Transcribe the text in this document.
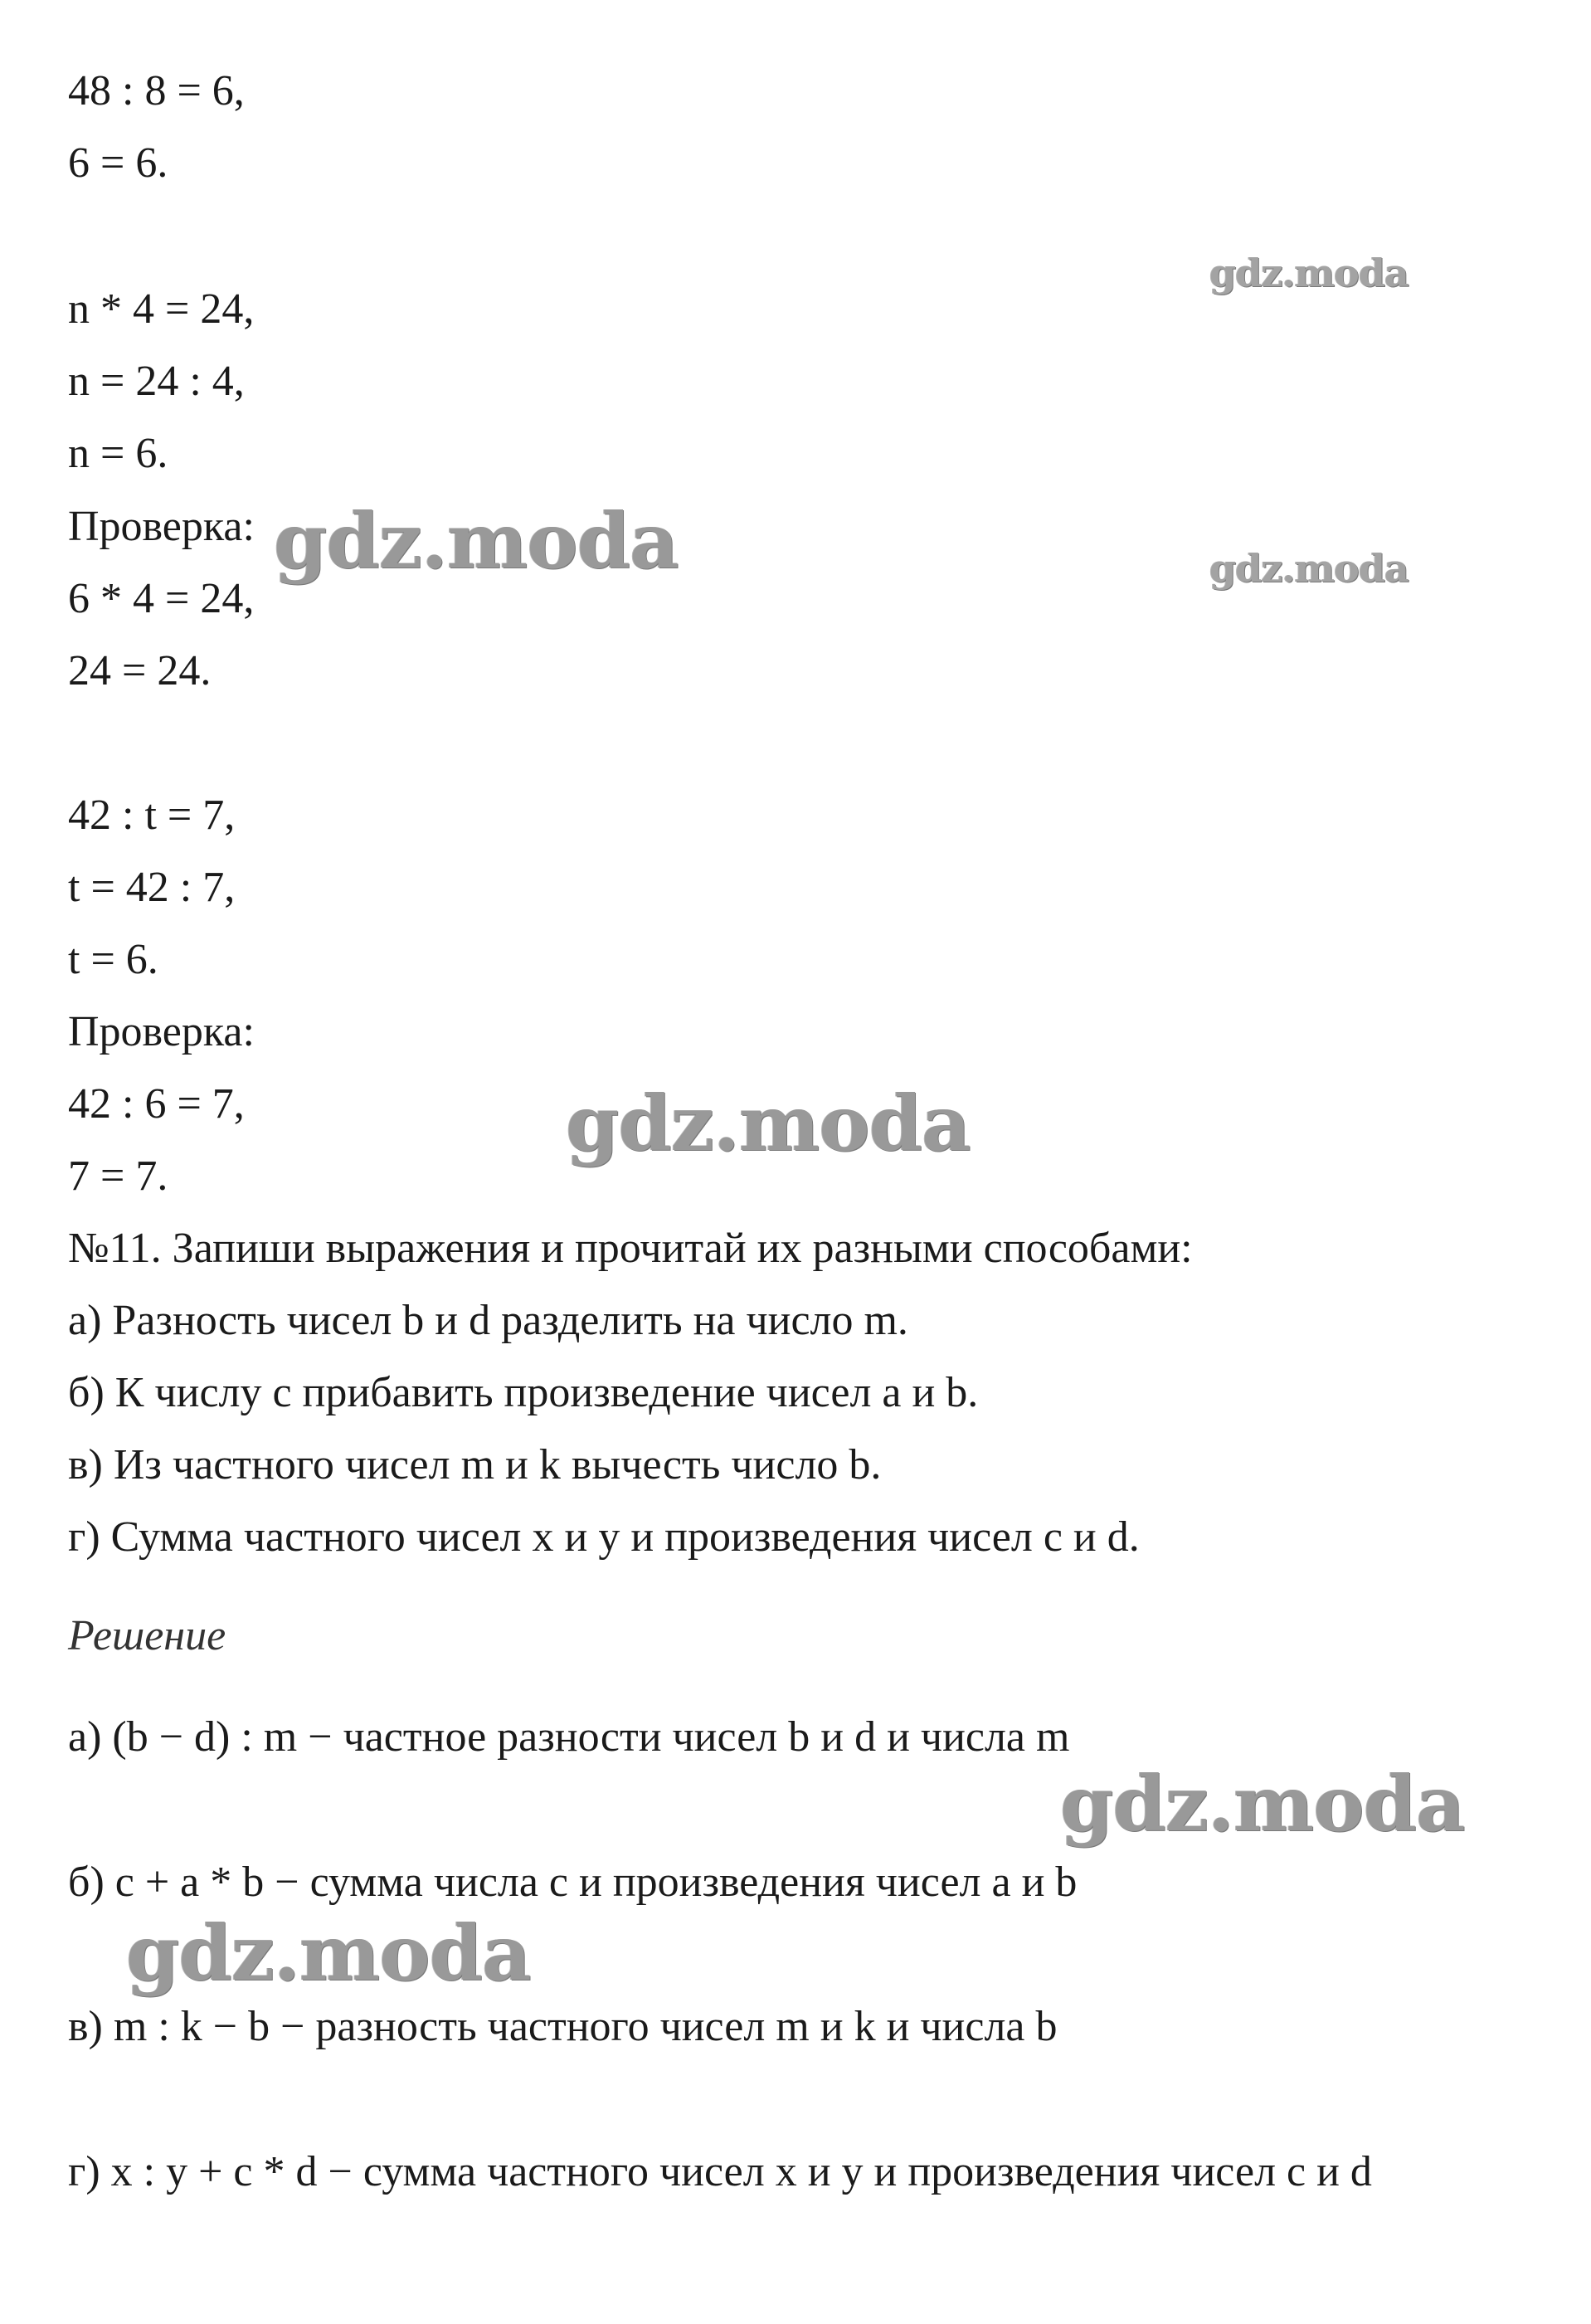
48 : 8 = 6,
6 = 6.
n * 4 = 24,
n = 24 : 4,
n = 6.
Проверка:
6 * 4 = 24,
24 = 24.
42 : t = 7,
t = 42 : 7,
t = 6.
Проверка:
42 : 6 = 7,
7 = 7.
№11. Запиши выражения и прочитай их разными способами:
а) Разность чисел b и d разделить на число m.
б) К числу с прибавить произведение чисел a и b.
в) Из частного чисел m и k вычесть число b.
г) Сумма частного чисел x и y и произведения чисел c и d.
Решение
а) (b − d) : m − частное разности чисел b и d и числа m
б) c + a * b − сумма числа с и произведения чисел a и b
в) m : k − b − разность частного чисел m и k и числа b
г) x : y + c * d − сумма частного чисел x и y и произведения чисел c и d
gdz.moda
gdz.moda	gdz.moda
gdz.moda
gdz.moda
gdz.moda
